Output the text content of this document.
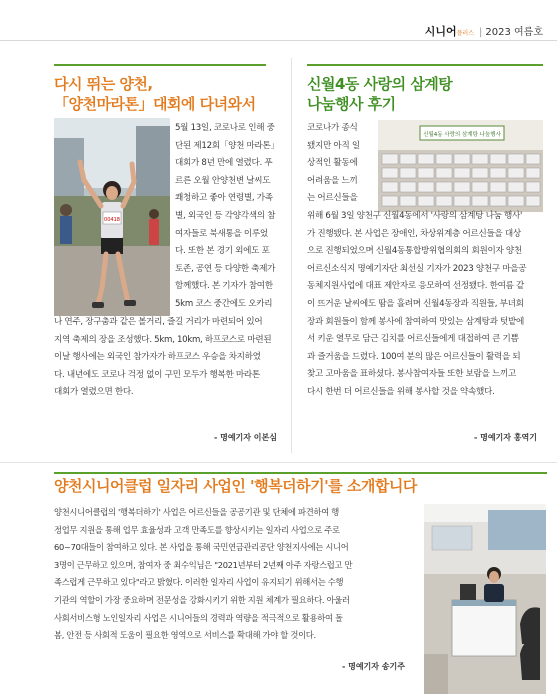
시니어플러스 | 2023 여름호
다시 뛰는 양천,
「양천마라톤」대회에 다녀와서
00418

5월 13일, 코로나로 인해 중

단된 제12회「양천 마라톤」

대회가 8년 만에 열렸다. 푸

르른 오월 안양천변 날씨도

쾌청하고 좋아 연령별, 가족

별, 외국인 등 각양각색의 참

여자들로 북새통을 이루었

다. 또한 본 경기 외에도 포

토존, 공연 등 다양한 축제가

함께했다. 본 기자가 참여한

5km 코스 중간에도 오카리

나 연주, 장구춤과 같은 볼거리, 즐길 거리가 마련되어 있어

지역 축제의 장을 조성했다. 5km, 10km, 하프코스로 마련된

이날 행사에는 외국인 참가자가 하프코스 우승을 차지하였

다. 내년에도 코로나 걱정 없이 구민 모두가 행복한 마라톤

대회가 열렸으면 한다.

- 명예기자 이본심
신월4동 사랑의 삼계탕
나눔행사 후기

코로나가 종식

됐지만 아직 일

상적인 활동에

어려움을 느끼

는 어르신들을

신월4동 사랑의 삼계탕 나눔행사

위해 6월 3일 양천구 신월4동에서 '사랑의 삼계탕 나눔 행사'

가 진행됐다. 본 사업은 장애인, 차상위계층 어르신들을 대상

으로 진행되었으며 신월4동통합방위협의회의 회원이자 양천

어르신소식지 명예기자단 최선실 기자가 2023 양천구 마을공

동체지원사업에 대표 제안자로 응모하여 선정됐다. 한여름 같

이 뜨거운 날씨에도 땀을 흘려며 신월4동장과 직원들, 부녀회

장과 회원들이 함께 봉사에 참여하여 맛있는 삼계탕과 텃밭에

서 키운 열무로 담근 김치를 어르신들에게 대접하여 큰 기쁨

과 즐거움을 드렸다. 100여 분의 많은 어르신들이 활력을 되

찾고 고마움을 표하셨다. 봉사참여자들 또한 보람을 느끼고

다시 한번 더 어르신들을 위해 봉사할 것을 약속했다.

- 명예기자 홍역기
양천시니어클럽 일자리 사업인 '행복더하기'를 소개합니다

양천시니어클럽의 '행복더하기' 사업은 어르신들을 공공기관 및 단체에 파견하여 행

정업무 지원을 통해 업무 효율성과 고객 만족도를 향상시키는 일자리 사업으로 주로

60~70대들이 참여하고 있다. 본 사업을 통해 국민연금관리공단 양천지사에는 시니어

3명이 근무하고 있으며, 참여자 중 최수익님은 "2021년부터 2년째 아주 자랑스럽고 만

족스럽게 근무하고 있다"라고 밝혔다. 이러한 일자리 사업이 유지되기 위해서는 수행

기관의 역할이 가장 중요하며 전문성을 강화시키기 위한 지원 체계가 필요하다. 아울러

사회서비스형 노인일자리 사업은 시니어들의 경력과 역량을 적극적으로 활용하여 돌

봄, 안전 등 사회적 도움이 필요한 영역으로 서비스를 확대해 가야 할 것이다.

- 명예기자 송기주
